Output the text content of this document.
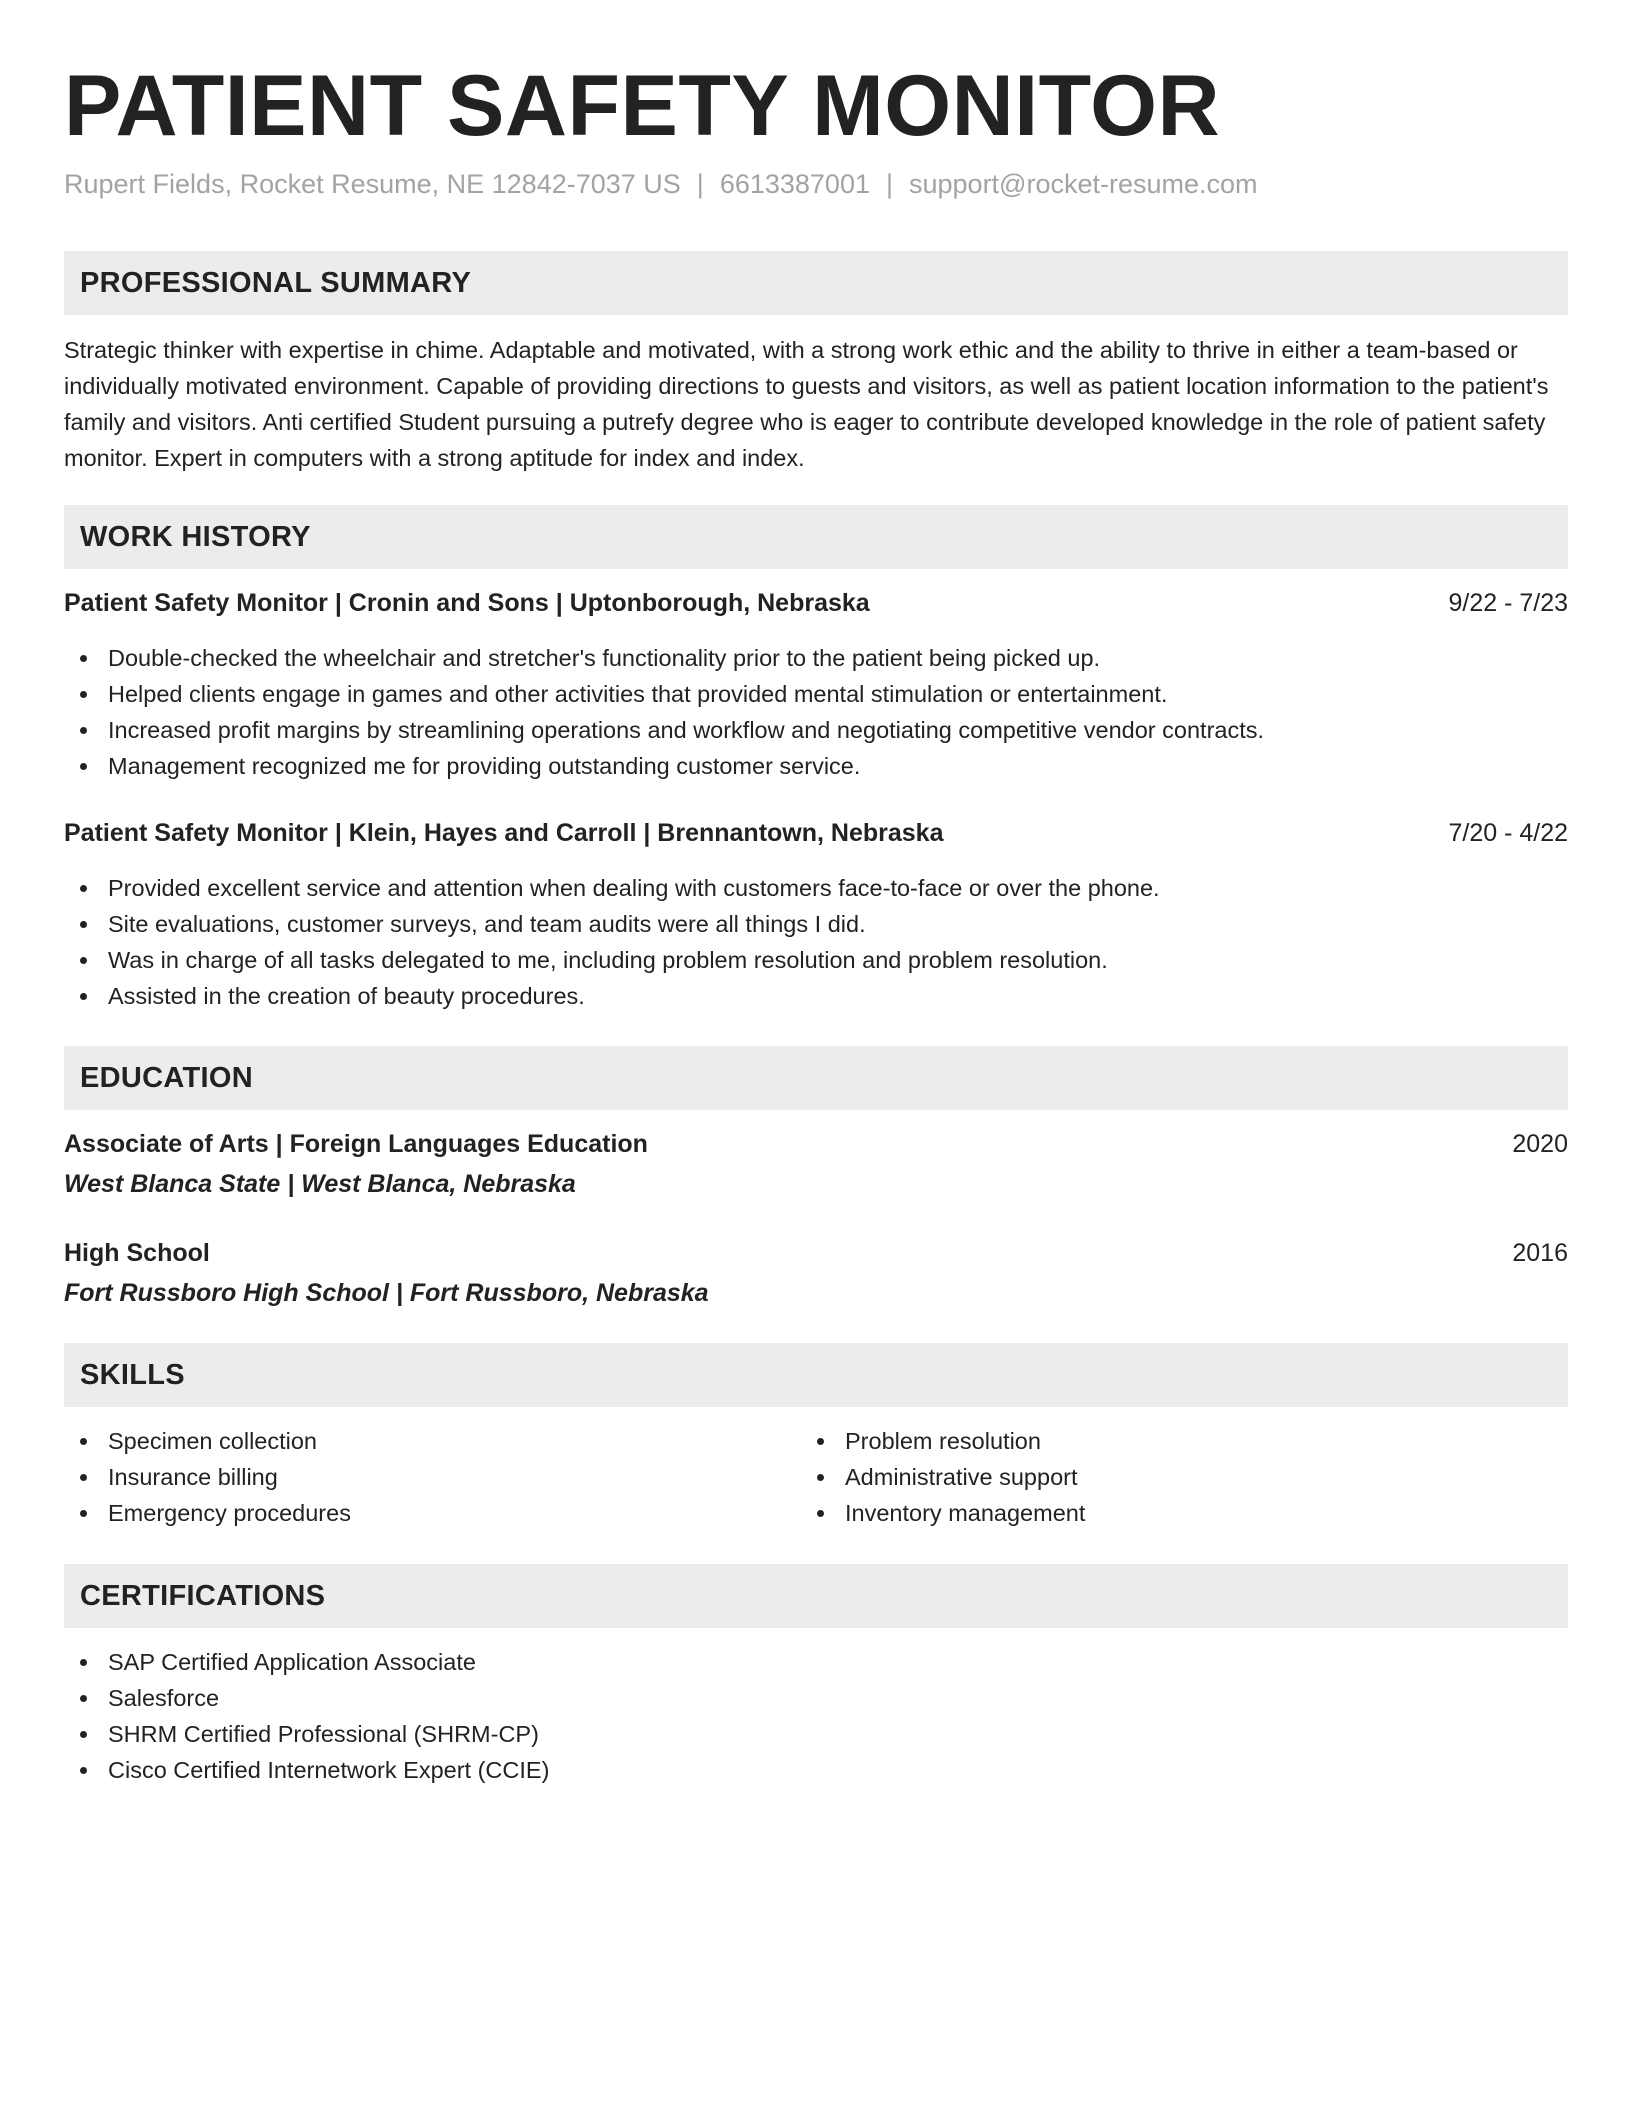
PATIENT SAFETY MONITOR
Rupert Fields, Rocket Resume, NE 12842-7037 US | 6613387001 | support@rocket-resume.com
PROFESSIONAL SUMMARY

Strategic thinker with expertise in chime. Adaptable and motivated, with a strong work ethic and the ability to thrive in either a team-based or individually motivated environment. Capable of providing directions to guests and visitors, as well as patient location information to the patient's family and visitors. Anti certified Student pursuing a putrefy degree who is eager to contribute developed knowledge in the role of patient safety monitor. Expert in computers with a strong aptitude for index and index.

WORK HISTORY
Patient Safety Monitor | Cronin and Sons | Uptonborough, Nebraska	9/22 - 7/23
Double-checked the wheelchair and stretcher's functionality prior to the patient being picked up.
Helped clients engage in games and other activities that provided mental stimulation or entertainment.
Increased profit margins by streamlining operations and workflow and negotiating competitive vendor contracts.
Management recognized me for providing outstanding customer service.
Patient Safety Monitor | Klein, Hayes and Carroll | Brennantown, Nebraska	7/20 - 4/22
Provided excellent service and attention when dealing with customers face-to-face or over the phone.
Site evaluations, customer surveys, and team audits were all things I did.
Was in charge of all tasks delegated to me, including problem resolution and problem resolution.
Assisted in the creation of beauty procedures.
EDUCATION
Associate of Arts | Foreign Languages Education	2020
West Blanca State | West Blanca, Nebraska
High School	2016
Fort Russboro High School | Fort Russboro, Nebraska
SKILLS
Specimen collection
Insurance billing
Emergency procedures
Problem resolution
Administrative support
Inventory management
CERTIFICATIONS
SAP Certified Application Associate
Salesforce
SHRM Certified Professional (SHRM-CP)
Cisco Certified Internetwork Expert (CCIE)
